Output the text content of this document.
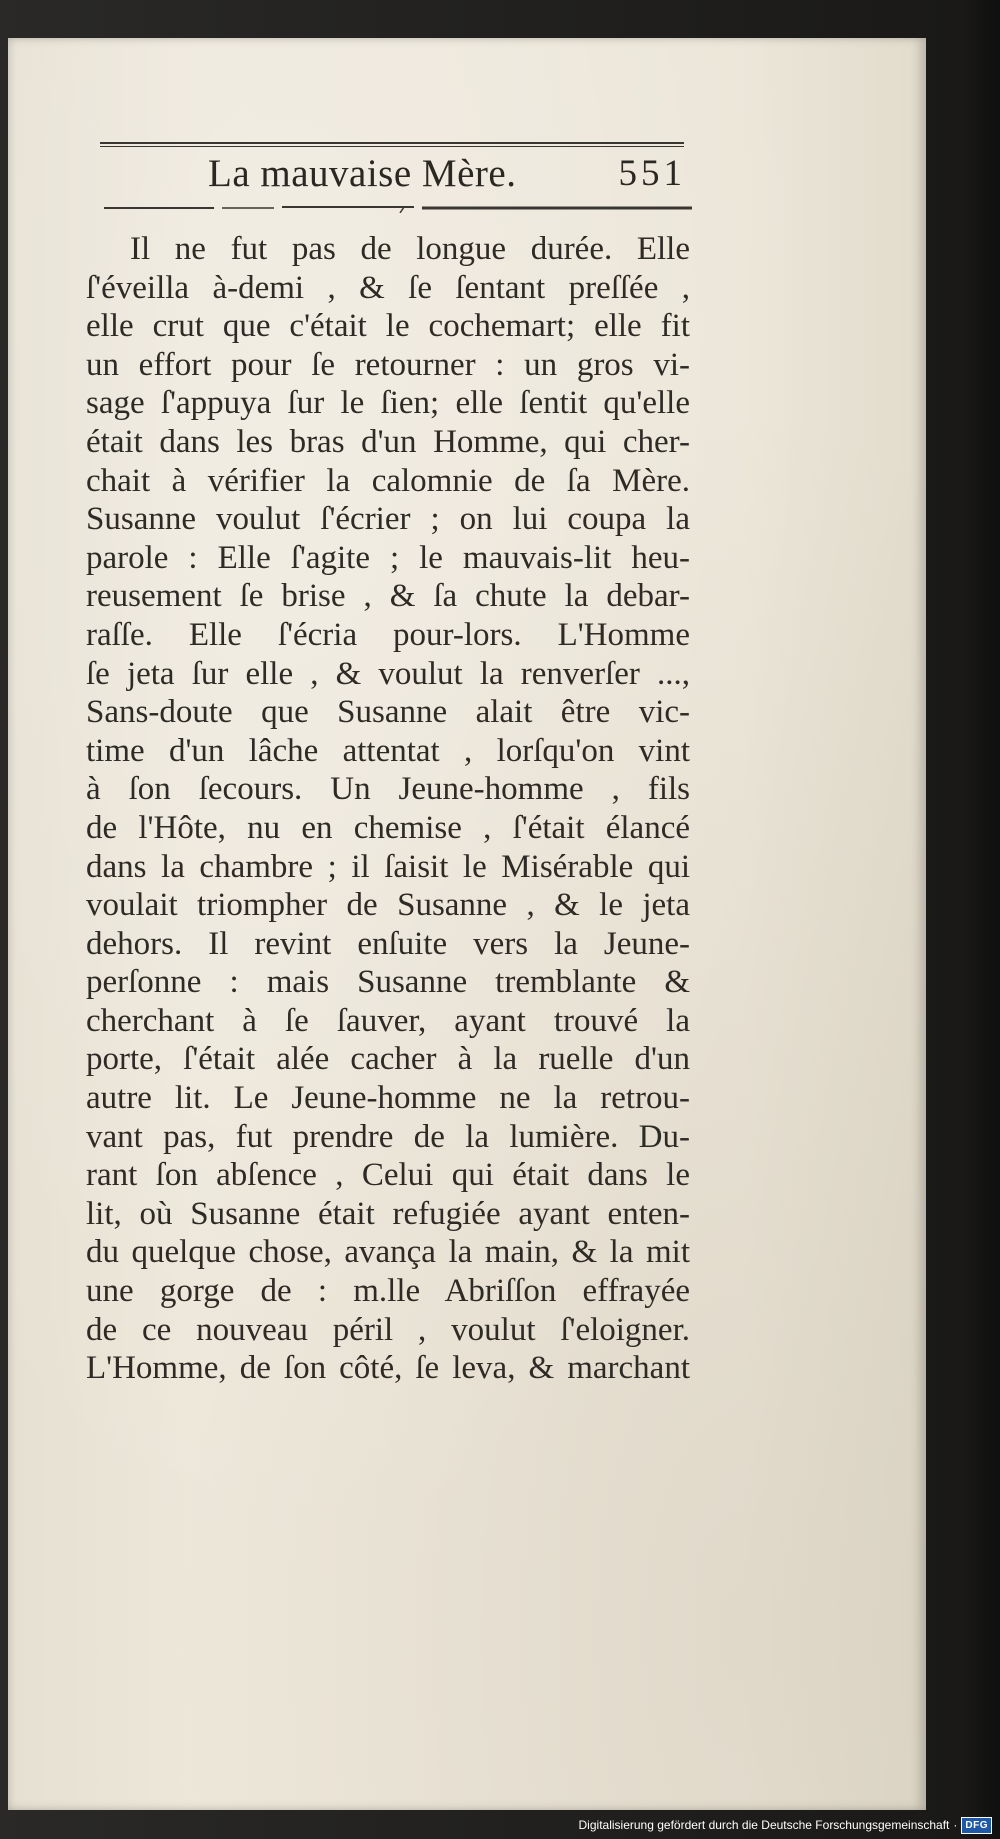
La mauvaise Mère.	551
Il ne fut pas de longue durée. Elle
ſ'éveilla à-demi , & ſe ſentant preſſée ,
elle crut que c'était le cochemart; elle fit
un effort pour ſe retourner : un gros vi-
sage ſ'appuya ſur le ſien; elle ſentit qu'elle
était dans les bras d'un Homme, qui cher-
chait à vérifier la calomnie de ſa Mère.
Susanne voulut ſ'écrier ; on lui coupa la
parole : Elle ſ'agite ; le mauvais-lit heu-
reusement ſe brise , & ſa chute la debar-
raſſe. Elle ſ'écria pour-lors. L'Homme
ſe jeta ſur elle , & voulut la renverſer ...,
Sans-doute que Susanne alait être vic-
time d'un lâche attentat , lorſqu'on vint
à ſon ſecours. Un Jeune-homme , fils
de l'Hôte, nu en chemise , ſ'était élancé
dans la chambre ; il ſaisit le Misérable qui
voulait triompher de Susanne , & le jeta
dehors. Il revint enſuite vers la Jeune-
perſonne : mais Susanne tremblante &
cherchant à ſe ſauver, ayant trouvé la
porte, ſ'était alée cacher à la ruelle d'un
autre lit. Le Jeune-homme ne la retrou-
vant pas, fut prendre de la lumière. Du-
rant ſon abſence , Celui qui était dans le
lit, où Susanne était refugiée ayant enten-
du quelque chose, avança la main, & la mit
une gorge de : m.lle Abriſſon effrayée
de ce nouveau péril , voulut ſ'eloigner.
L'Homme, de ſon côté, ſe leva, & marchant
Digitalisierung gefördert durch die Deutsche Forschungsgemeinschaft · DFG
